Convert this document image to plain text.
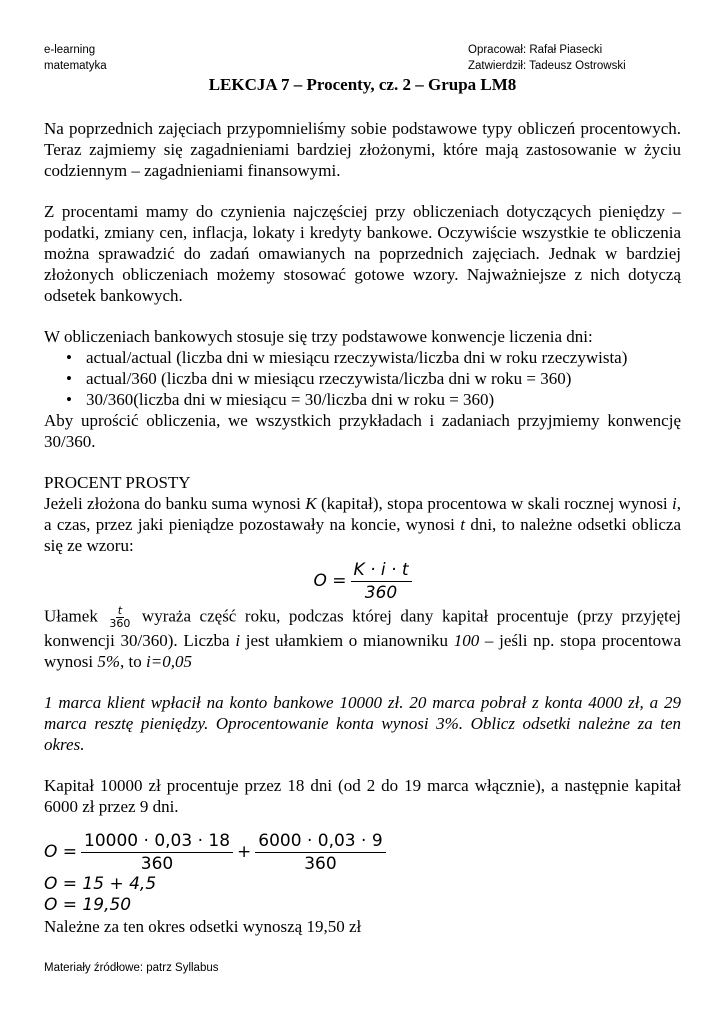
e-learning
matematyka
Opracował: Rafał Piasecki
Zatwierdził: Tadeusz Ostrowski
LEKCJA 7 – Procenty, cz. 2 – Grupa LM8

Na poprzednich zajęciach przypomnieliśmy sobie podstawowe typy obliczeń procentowych. Teraz zajmiemy się zagadnieniami bardziej złożonymi, które mają zastosowanie w życiu codziennym – zagadnieniami finansowymi.

Z procentami mamy do czynienia najczęściej przy obliczeniach dotyczących pieniędzy – podatki, zmiany cen, inflacja, lokaty i kredyty bankowe. Oczywiście wszystkie te obliczenia można sprawadzić do zadań omawianych na poprzednich zajęciach. Jednak w bardziej złożonych obliczeniach możemy stosować gotowe wzory. Najważniejsze z nich dotyczą odsetek bankowych.

W obliczeniach bankowych stosuje się trzy podstawowe konwencje liczenia dni:

• actual/actual (liczba dni w miesiącu rzeczywista/liczba dni w roku rzeczywista)
• actual/360 (liczba dni w miesiącu rzeczywista/liczba dni w roku = 360)
• 30/360(liczba dni w miesiącu = 30/liczba dni w roku = 360)

Aby uprościć obliczenia, we wszystkich przykładach i zadaniach przyjmiemy konwencję 30/360.

PROCENT PROSTY

Jeżeli złożona do banku suma wynosi K (kapitał), stopa procentowa w skali rocznej wynosi i, a czas, przez jaki pieniądze pozostawały na koncie, wynosi t dni, to należne odsetki oblicza się ze wzoru:

$O = \frac{K \cdot i \cdot t}{360}$

Ułamek $\frac{t}{360}$ wyraża część roku, podczas której dany kapitał procentuje (przy przyjętej konwencji 30/360). Liczba i jest ułamkiem o mianowniku 100 – jeśli np. stopa procentowa wynosi 5%, to i=0,05

1 marca klient wpłacił na konto bankowe 10000 zł. 20 marca pobrał z konta 4000 zł, a 29 marca resztę pieniędzy. Oprocentowanie konta wynosi 3%. Oblicz odsetki należne za ten okres.

Kapitał 10000 zł procentuje przez 18 dni (od 2 do 19 marca włącznie), a następnie kapitał 6000 zł przez 9 dni.

$O = \frac{10000 \cdot 0,03 \cdot 18}{360} + \frac{6000 \cdot 0,03 \cdot 9}{360}$
O = 15 + 4,5
O = 19,50

Należne za ten okres odsetki wynoszą 19,50 zł

Materiały źródłowe: patrz Syllabus
